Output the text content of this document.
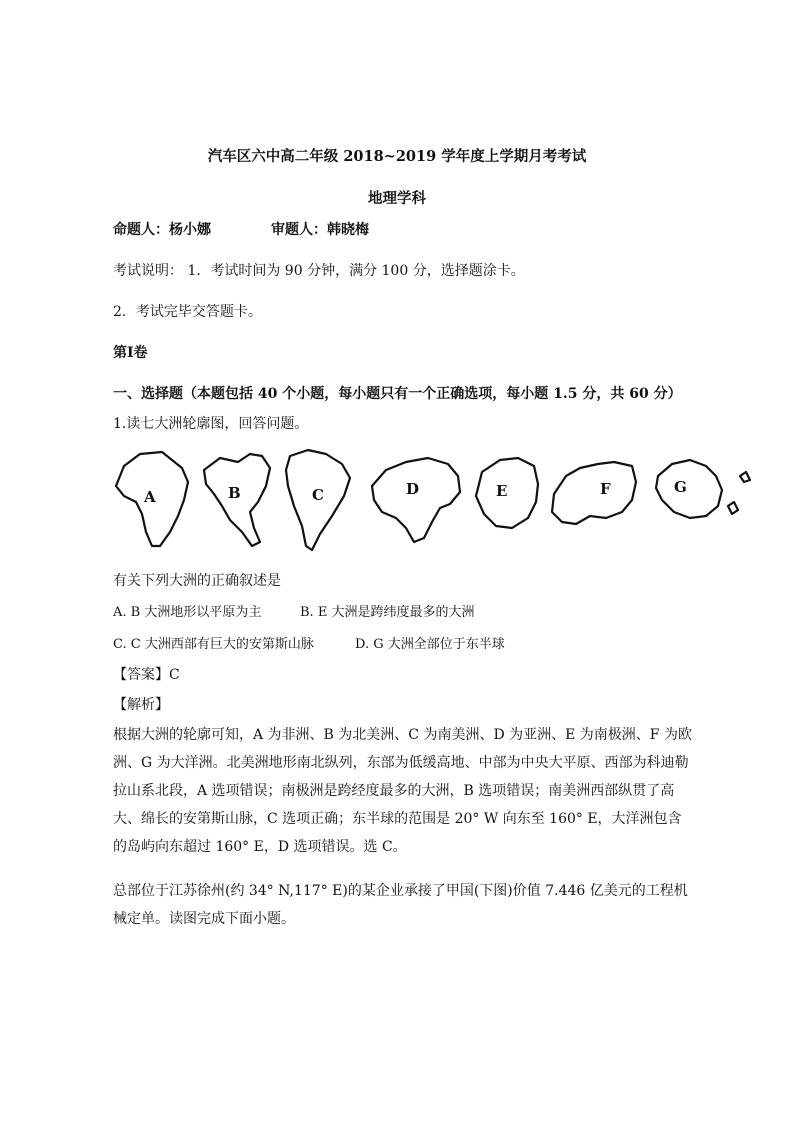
汽车区六中高二年级 2018~2019 学年度上学期月考考试
地理学科
命题人：杨小娜	审题人：韩晓梅
考试说明： 1．考试时间为 90 分钟，满分 100 分，选择题涂卡。
2．考试完毕交答题卡。
第Ⅰ卷
一、选择题（本题包括 40 个小题，每小题只有一个正确选项，每小题 1.5 分，共 60 分）
1.读七大洲轮廓图，回答问题。
A	B	C	D	E	F	G
有关下列大洲的正确叙述是
A. B 大洲地形以平原为主	B. E 大洲是跨纬度最多的大洲
C. C 大洲西部有巨大的安第斯山脉	D. G 大洲全部位于东半球
【答案】C
【解析】
根据大洲的轮廓可知，A 为非洲、B 为北美洲、C 为南美洲、D 为亚洲、E 为南极洲、F 为欧洲、G 为大洋洲。北美洲地形南北纵列，东部为低缓高地、中部为中央大平原、西部为科迪勒拉山系北段，A 选项错误；南极洲是跨经度最多的大洲，B 选项错误；南美洲西部纵贯了高大、绵长的安第斯山脉，C 选项正确；东半球的范围是 20° W 向东至 160° E，大洋洲包含的岛屿向东超过 160° E，D 选项错误。选 C。
总部位于江苏徐州(约 34° N,117° E)的某企业承接了甲国(下图)价值 7.446 亿美元的工程机械定单。读图完成下面小题。
